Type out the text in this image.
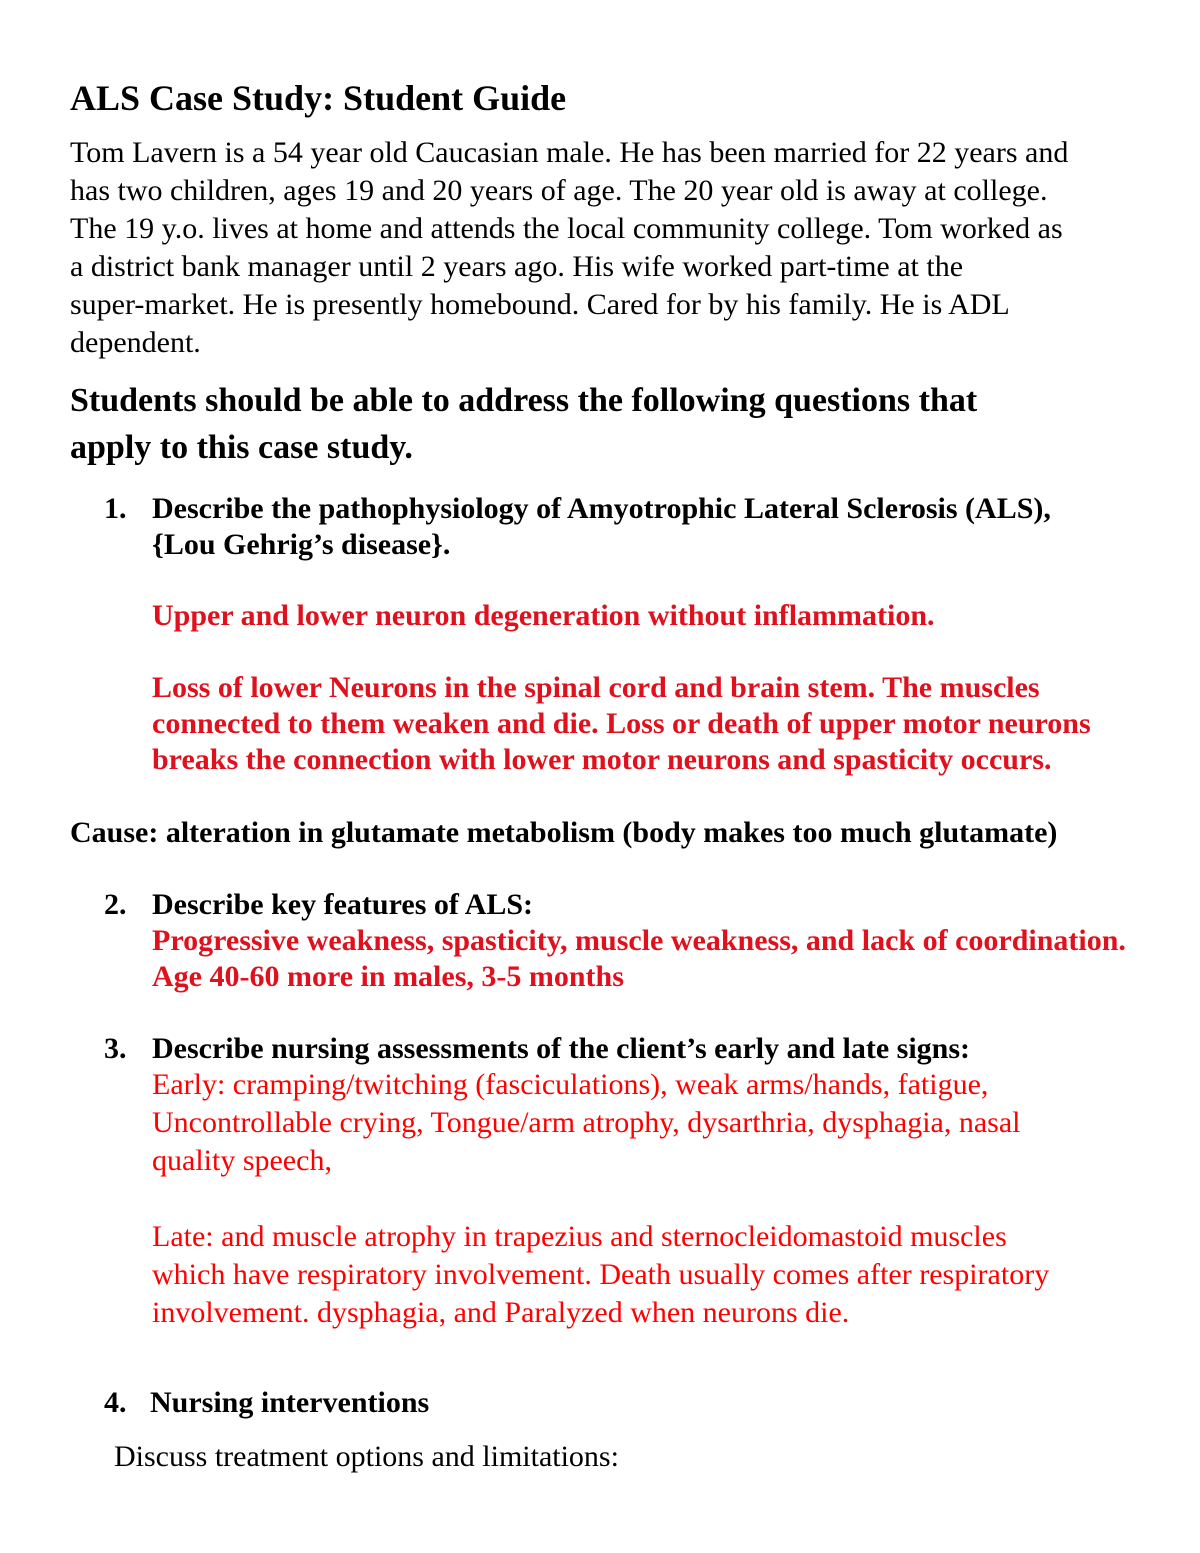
ALS Case Study: Student Guide
Tom Lavern is a 54 year old Caucasian male. He has been married for 22 years and
has two children, ages 19 and 20 years of age. The 20 year old is away at college.
The 19 y.o. lives at home and attends the local community college. Tom worked as
a district bank manager until 2 years ago. His wife worked part-time at the
super-market. He is presently homebound. Cared for by his family. He is ADL
dependent.
Students should be able to address the following questions that
apply to this case study.
1. Describe the pathophysiology of Amyotrophic Lateral Sclerosis (ALS),
{Lou Gehrig’s disease}.
Upper and lower neuron degeneration without inflammation.
Loss of lower Neurons in the spinal cord and brain stem. The muscles
connected to them weaken and die. Loss or death of upper motor neurons
breaks the connection with lower motor neurons and spasticity occurs.
Cause: alteration in glutamate metabolism (body makes too much glutamate)
2. Describe key features of ALS:
Progressive weakness, spasticity, muscle weakness, and lack of coordination.
Age 40-60 more in males, 3-5 months
3. Describe nursing assessments of the client’s early and late signs:
Early: cramping/twitching (fasciculations), weak arms/hands, fatigue,
Uncontrollable crying, Tongue/arm atrophy, dysarthria, dysphagia, nasal
quality speech,
Late: and muscle atrophy in trapezius and sternocleidomastoid muscles
which have respiratory involvement. Death usually comes after respiratory
involvement. dysphagia, and Paralyzed when neurons die.
4. Nursing interventions
Discuss treatment options and limitations:
